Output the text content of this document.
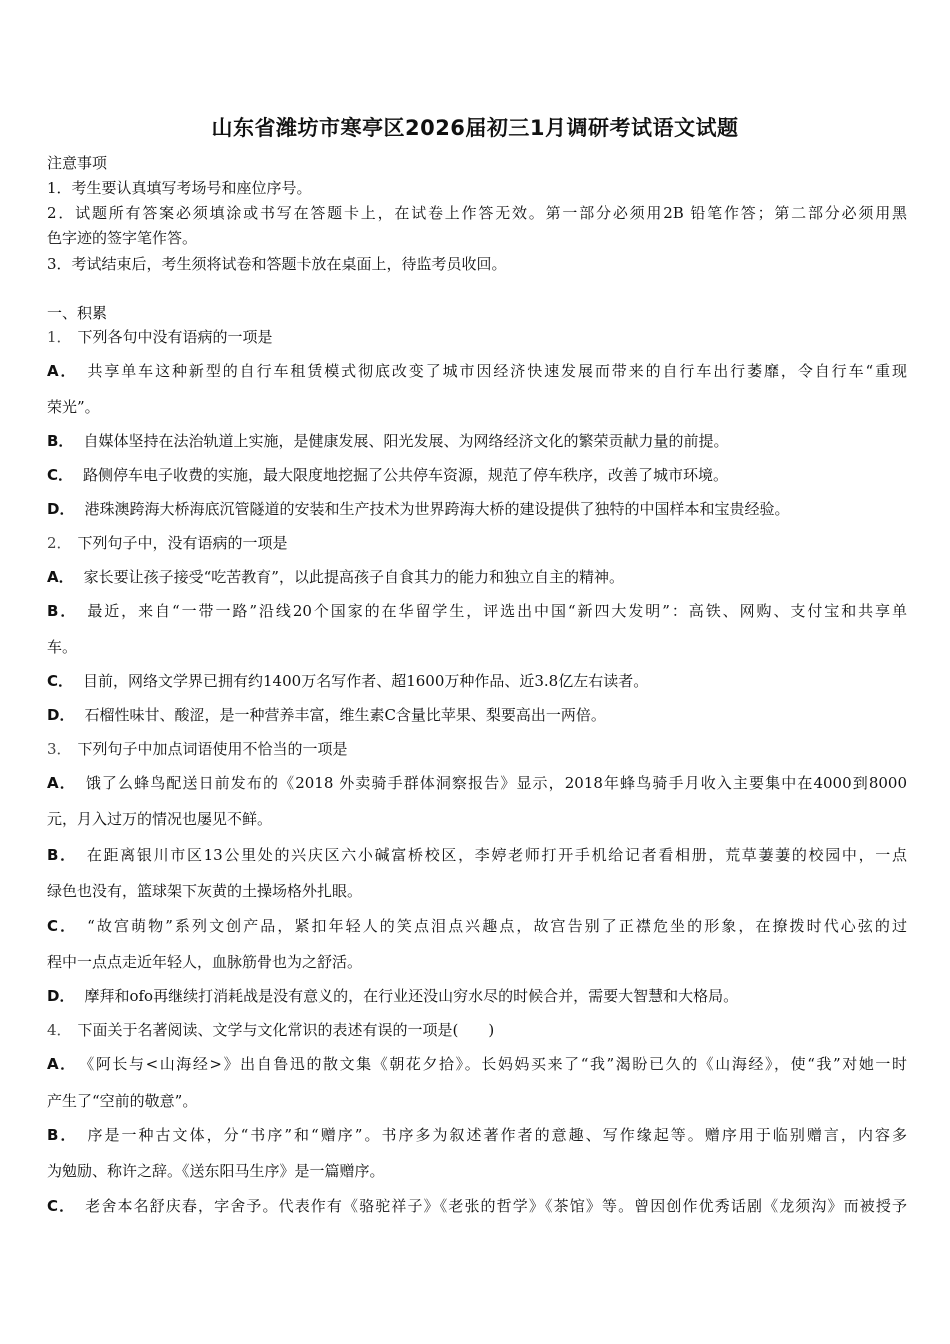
山东省潍坊市寒亭区2026届初三1月调研考试语文试题
注意事项
1．考生要认真填写考场号和座位序号。
2．试题所有答案必须填涂或书写在答题卡上，在试卷上作答无效。第一部分必须用2B 铅笔作答；第二部分必须用黑
色字迹的签字笔作答。
3．考试结束后，考生须将试卷和答题卡放在桌面上，待监考员收回。
一、积累
1． 下列各句中没有语病的一项是
A． 共享单车这种新型的自行车租赁模式彻底改变了城市因经济快速发展而带来的自行车出行萎靡，令自行车“重现
荣光”。
B． 自媒体坚持在法治轨道上实施，是健康发展、阳光发展、为网络经济文化的繁荣贡献力量的前提。
C． 路侧停车电子收费的实施，最大限度地挖掘了公共停车资源，规范了停车秩序，改善了城市环境。
D． 港珠澳跨海大桥海底沉管隧道的安装和生产技术为世界跨海大桥的建设提供了独特的中国样本和宝贵经验。
2． 下列句子中，没有语病的一项是
A． 家长要让孩子接受“吃苦教育”，以此提高孩子自食其力的能力和独立自主的精神。
B． 最近，来自“一带一路”沿线20个国家的在华留学生，评选出中国“新四大发明”：高铁、网购、支付宝和共享单
车。
C． 目前，网络文学界已拥有约1400万名写作者、超1600万种作品、近3.8亿左右读者。
D． 石榴性味甘、酸涩，是一种营养丰富，维生素C含量比苹果、梨要高出一两倍。
3． 下列句子中加点词语使用不恰当的一项是
A． 饿了么蜂鸟配送日前发布的《2018 外卖骑手群体洞察报告》显示，2018年蜂鸟骑手月收入主要集中在4000到8000
元，月入过万的情况也屡见不鲜。
B． 在距离银川市区13公里处的兴庆区六小碱富桥校区，李婷老师打开手机给记者看相册，荒草萋萋的校园中，一点
绿色也没有，篮球架下灰黄的土操场格外扎眼。
C． “故宫萌物”系列文创产品，紧扣年轻人的笑点泪点兴趣点，故宫告别了正襟危坐的形象，在撩拨时代心弦的过
程中一点点走近年轻人，血脉筋骨也为之舒活。
D． 摩拜和ofo再继续打消耗战是没有意义的，在行业还没山穷水尽的时候合并，需要大智慧和大格局。
4． 下面关于名著阅读、文学与文化常识的表述有误的一项是(　　)
A． 《阿长与<山海经>》出自鲁迅的散文集《朝花夕拾》。长妈妈买来了“我”渴盼已久的《山海经》，使“我”对她一时
产生了“空前的敬意”。
B． 序是一种古文体，分“书序”和“赠序”。书序多为叙述著作者的意趣、写作缘起等。赠序用于临别赠言，内容多
为勉励、称许之辞。《送东阳马生序》是一篇赠序。
C． 老舍本名舒庆春，字舍予。代表作有《骆驼祥子》《老张的哲学》《茶馆》等。曾因创作优秀话剧《龙须沟》而被授予
